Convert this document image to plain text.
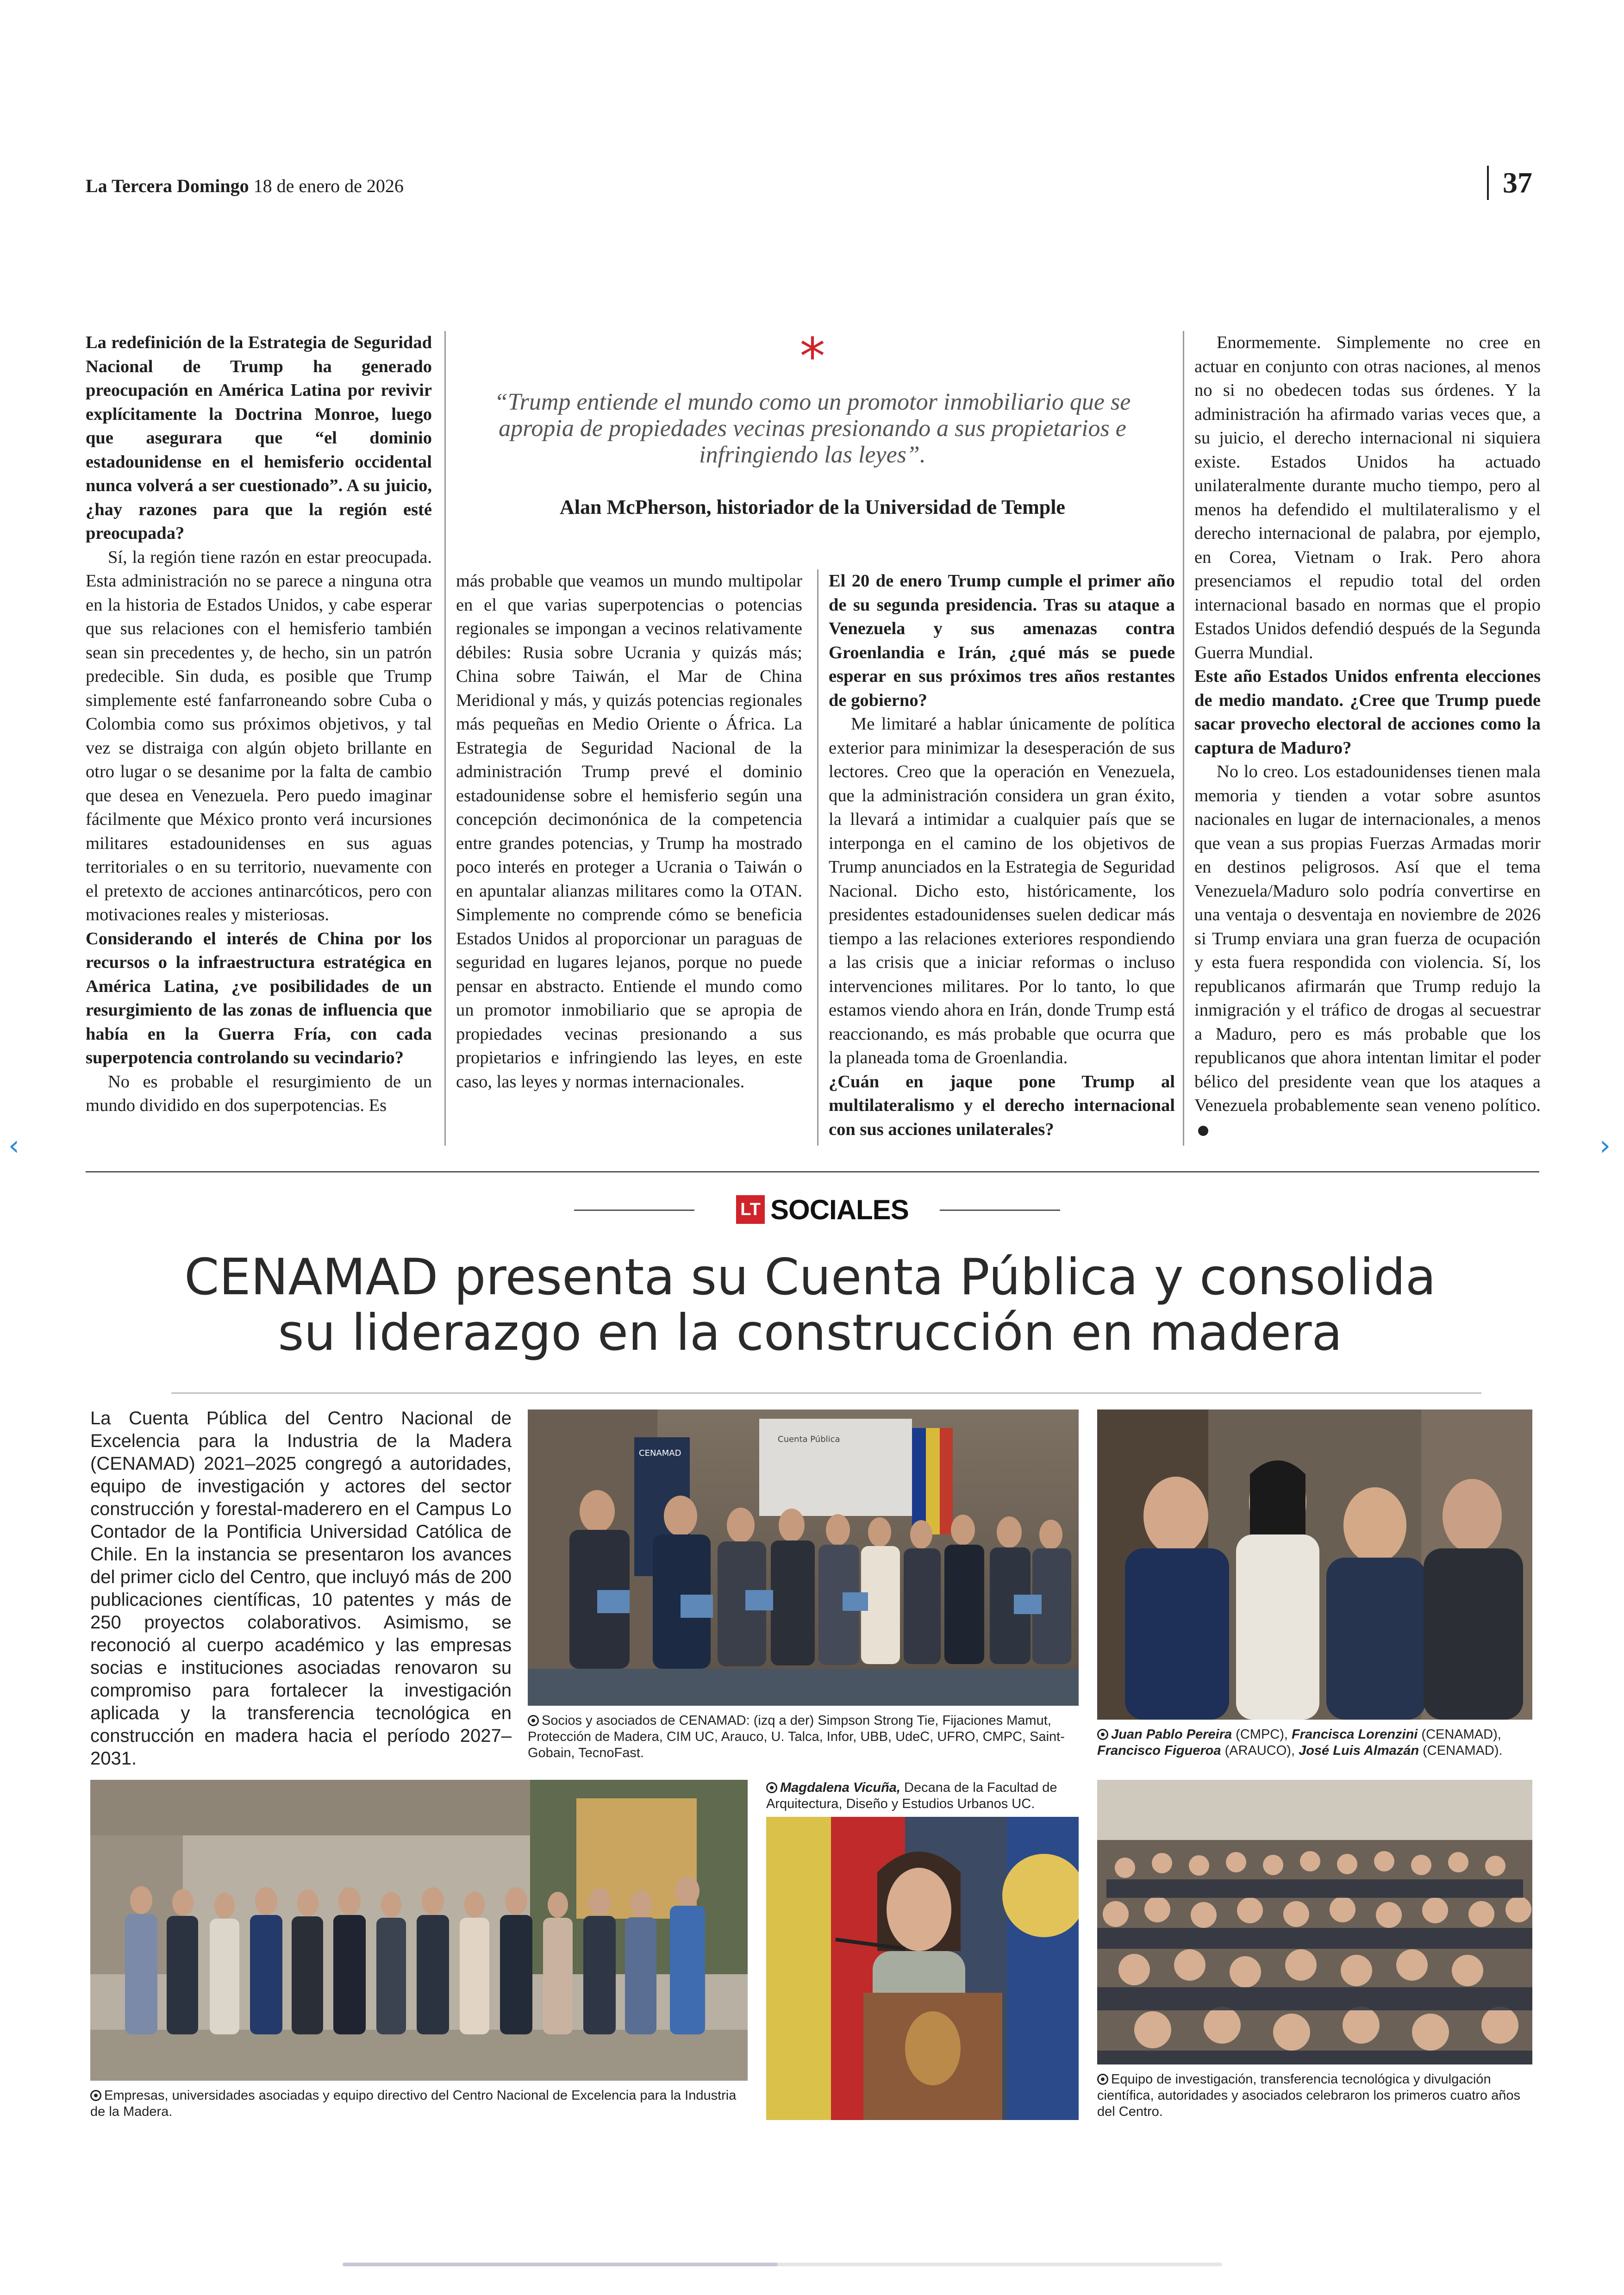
La Tercera Domingo 18 de enero de 2026	37

La redefinición de la Estrategia de Seguridad Nacional de Trump ha generado preocupación en América Latina por revivir explícitamente la Doctrina Monroe, luego que asegurara que “el dominio estadounidense en el hemisferio occidental nunca volverá a ser cuestionado”. A su juicio, ¿hay razones para que la región esté preocupada?

Sí, la región tiene razón en estar preocupada. Esta administración no se parece a ninguna otra en la historia de Estados Unidos, y cabe esperar que sus relaciones con el hemisferio también sean sin precedentes y, de hecho, sin un patrón predecible. Sin duda, es posible que Trump simplemente esté fanfarroneando sobre Cuba o Colombia como sus próximos objetivos, y tal vez se distraiga con algún objeto brillante en otro lugar o se desanime por la falta de cambio que desea en Venezuela. Pero puedo imaginar fácilmente que México pronto verá incursiones militares estadounidenses en sus aguas territoriales o en su territorio, nuevamente con el pretexto de acciones antinarcóticos, pero con motivaciones reales y misteriosas.

Considerando el interés de China por los recursos o la infraestructura estratégica en América Latina, ¿ve posibilidades de un resurgimiento de las zonas de influencia que había en la Guerra Fría, con cada superpotencia controlando su vecindario?

No es probable el resurgimiento de un mundo dividido en dos superpotencias. Es

*
“Trump entiende el mundo como un promotor inmobiliario que se apropia de propiedades vecinas presionando a sus propietarios e infringiendo las leyes”.
Alan McPherson, historiador de la Universidad de Temple

más probable que veamos un mundo multipolar en el que varias superpotencias o potencias regionales se impongan a vecinos relativamente débiles: Rusia sobre Ucrania y quizás más; China sobre Taiwán, el Mar de China Meridional y más, y quizás potencias regionales más pequeñas en Medio Oriente o África. La Estrategia de Seguridad Nacional de la administración Trump prevé el dominio estadounidense sobre el hemisferio según una concepción decimonónica de la competencia entre grandes potencias, y Trump ha mostrado poco interés en proteger a Ucrania o Taiwán o en apuntalar alianzas militares como la OTAN. Simplemente no comprende cómo se beneficia Estados Unidos al proporcionar un paraguas de seguridad en lugares lejanos, porque no puede pensar en abstracto. Entiende el mundo como un promotor inmobiliario que se apropia de propiedades vecinas presionando a sus propietarios e infringiendo las leyes, en este caso, las leyes y normas internacionales.

El 20 de enero Trump cumple el primer año de su segunda presidencia. Tras su ataque a Venezuela y sus amenazas contra Groenlandia e Irán, ¿qué más se puede esperar en sus próximos tres años restantes de gobierno?

Me limitaré a hablar únicamente de política exterior para minimizar la desesperación de sus lectores. Creo que la operación en Venezuela, que la administración considera un gran éxito, la llevará a intimidar a cualquier país que se interponga en el camino de los objetivos de Trump anunciados en la Estrategia de Seguridad Nacional. Dicho esto, históricamente, los presidentes estadounidenses suelen dedicar más tiempo a las relaciones exteriores respondiendo a las crisis que a iniciar reformas o incluso intervenciones militares. Por lo tanto, lo que estamos viendo ahora en Irán, donde Trump está reaccionando, es más probable que ocurra que la planeada toma de Groenlandia.

¿Cuán en jaque pone Trump al multilateralismo y el derecho internacional con sus acciones unilaterales?

Enormemente. Simplemente no cree en actuar en conjunto con otras naciones, al menos no si no obedecen todas sus órdenes. Y la administración ha afirmado varias veces que, a su juicio, el derecho internacional ni siquiera existe. Estados Unidos ha actuado unilateralmente durante mucho tiempo, pero al menos ha defendido el multilateralismo y el derecho internacional de palabra, por ejemplo, en Corea, Vietnam o Irak. Pero ahora presenciamos el repudio total del orden internacional basado en normas que el propio Estados Unidos defendió después de la Segunda Guerra Mundial.

Este año Estados Unidos enfrenta elecciones de medio mandato. ¿Cree que Trump puede sacar provecho electoral de acciones como la captura de Maduro?

No lo creo. Los estadounidenses tienen mala memoria y tienden a votar sobre asuntos nacionales en lugar de internacionales, a menos que vean a sus propias Fuerzas Armadas morir en destinos peligrosos. Así que el tema Venezuela/Maduro solo podría convertirse en una ventaja o desventaja en noviembre de 2026 si Trump enviara una gran fuerza de ocupación y esta fuera respondida con violencia. Sí, los republicanos afirmarán que Trump redujo la inmigración y el tráfico de drogas al secuestrar a Maduro, pero es más probable que los republicanos que ahora intentan limitar el poder bélico del presidente vean que los ataques a Venezuela probablemente sean veneno político.

LT SOCIALES
CENAMAD presenta su Cuenta Pública y consolida
su liderazgo en la construcción en madera
La Cuenta Pública del Centro Nacional de Excelencia para la Industria de la Madera (CENAMAD) 2021–2025 congregó a autoridades, equipo de investigación y actores del sector construcción y forestal-maderero en el Campus Lo Contador de la Pontificia Universidad Católica de Chile. En la instancia se presentaron los avances del primer ciclo del Centro, que incluyó más de 200 publicaciones científicas, 10 patentes y más de 250 proyectos colaborativos. Asimismo, se reconoció al cuerpo académico y las empresas socias e instituciones asociadas renovaron su compromiso para fortalecer la investigación aplicada y la transferencia tecnológica en construcción en madera hacia el período 2027–2031.
Cuenta Pública
CENAMAD
Socios y asociados de CENAMAD: (izq a der) Simpson Strong Tie, Fijaciones Mamut, Protección de Madera, CIM UC, Arauco, U. Talca, Infor, UBB, UdeC, UFRO, CMPC, Saint-Gobain, TecnoFast.
Juan Pablo Pereira (CMPC), Francisca Lorenzini (CENAMAD), Francisco Figueroa (ARAUCO), José Luis Almazán (CENAMAD).
Empresas, universidades asociadas y equipo directivo del Centro Nacional de Excelencia para la Industria de la Madera.
Magdalena Vicuña, Decana de la Facultad de Arquitectura, Diseño y Estudios Urbanos UC.
Equipo de investigación, transferencia tecnológica y divulgación científica, autoridades y asociados celebraron los primeros cuatro años del Centro.
‹	›
